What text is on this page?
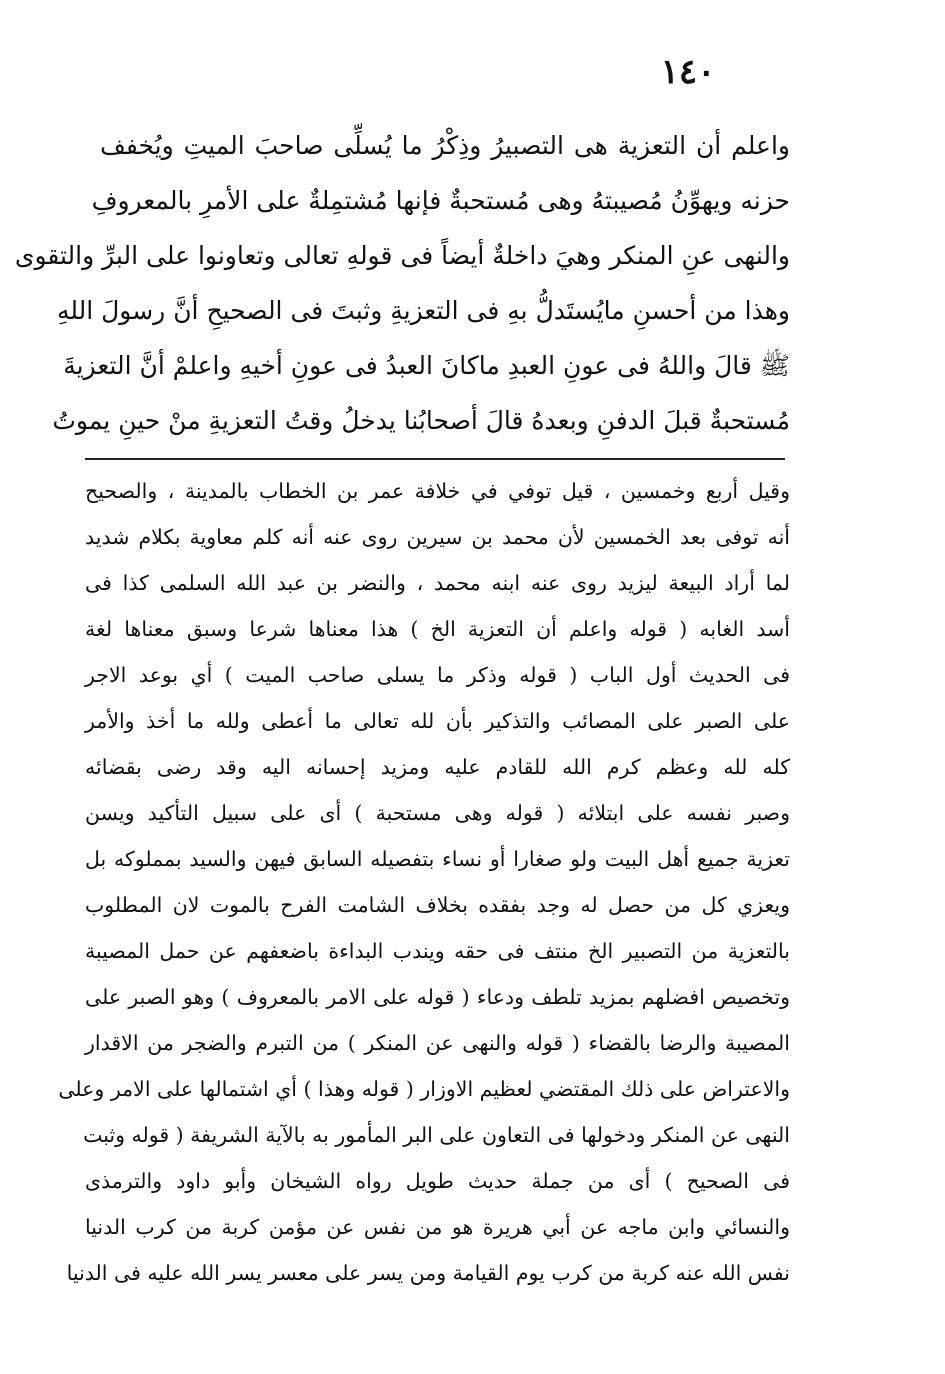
١٤٠
واعلم أن التعزية هى التصبيرُ وذِكْرُ ما يُسلِّى صاحبَ الميتِ ويُخفف
حزنه ويهوِّنُ مُصيبتهُ وهى مُستحبةٌ فإنها مُشتمِلةٌ على الأمرِ بالمعروفِ
والنهى عنِ المنكر وهيَ داخلةٌ أيضاً فى قولهِ تعالى وتعاونوا على البرِّ والتقوى
وهذا من أحسنِ مايُستَدلُّ بهِ فى التعزيةِ وثبتَ فى الصحيحِ أنَّ رسولَ اللهِ
ﷺ قالَ واللهُ فى عونِ العبدِ ماكانَ العبدُ فى عونِ أخيهِ واعلمْ أنَّ التعزيةَ
مُستحبةٌ قبلَ الدفنِ وبعدهُ قالَ أصحابُنا يدخلُ وقتُ التعزيةِ منْ حينِ يموتُ
وقيل أربع وخمسين ، قيل توفي في خلافة عمر بن الخطاب بالمدينة ، والصحيح
أنه توفى بعد الخمسين لأن محمد بن سيرين روى عنه أنه كلم معاوية بكلام شديد
لما أراد البيعة ليزيد روى عنه ابنه محمد ، والنضر بن عبد الله السلمى كذا فى
أسد الغابه ( قوله واعلم أن التعزية الخ ) هذا معناها شرعا وسبق معناها لغة
فى الحديث أول الباب ( قوله وذكر ما يسلى صاحب الميت ) أي بوعد الاجر
على الصبر على المصائب والتذكير بأن لله تعالى ما أعطى ولله ما أخذ والأمر
كله لله وعظم كرم الله للقادم عليه ومزيد إحسانه اليه وقد رضى بقضائه
وصبر نفسه على ابتلائه ( قوله وهى مستحبة ) أى على سبيل التأكيد ويسن
تعزية جميع أهل البيت ولو صغارا أو نساء بتفصيله السابق فيهن والسيد بمملوكه بل
ويعزي كل من حصل له وجد بفقده بخلاف الشامت الفرح بالموت لان المطلوب
بالتعزية من التصبير الخ منتف فى حقه ويندب البداءة باضعفهم عن حمل المصيبة
وتخصيص افضلهم بمزيد تلطف ودعاء ( قوله على الامر بالمعروف ) وهو الصبر على
المصيبة والرضا بالقضاء ( قوله والنهى عن المنكر ) من التبرم والضجر من الاقدار
والاعتراض على ذلك المقتضي لعظيم الاوزار ( قوله وهذا ) أي اشتمالها على الامر وعلى
النهى عن المنكر ودخولها فى التعاون على البر المأمور به بالآية الشريفة ( قوله وثبت
فى الصحيح ) أى من جملة حديث طويل رواه الشيخان وأبو داود والترمذى
والنسائي وابن ماجه عن أبي هريرة هو من نفس عن مؤمن كربة من كرب الدنيا
نفس الله عنه كربة من كرب يوم القيامة ومن يسر على معسر يسر الله عليه فى الدنيا
